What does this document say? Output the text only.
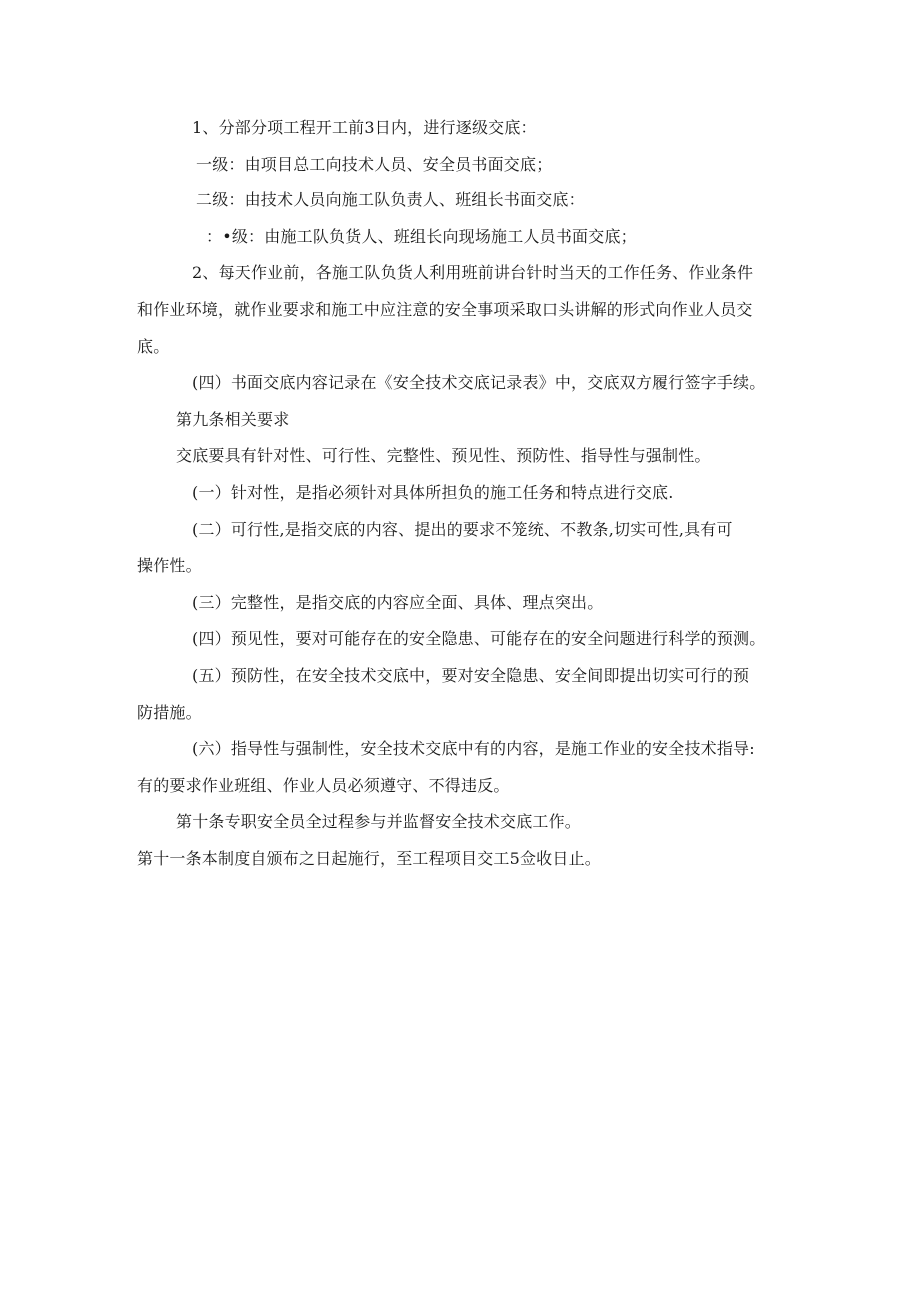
1、分部分项工程开工前3日内，进行逐级交底：
一级：由项目总工向技术人员、安全员书面交底；
二级：由技术人员向施工队负责人、班组长书面交底：
：•级：由施工队负货人、班组长向现场施工人员书面交底；
2、每天作业前，各施工队负货人利用班前讲台针时当天的工作任务、作业条件
和作业环境，就作业要求和施工中应注意的安全事项采取口头讲解的形式向作业人员交
底。
(四）书面交底内容记录在《安全技术交底记录表》中，交底双方履行签字手续。
第九条相关要求
交底要具有针对性、可行性、完整性、预见性、预防性、指导性与强制性。
(一）针对性，是指必须针对具体所担负的施工任务和特点进行交底.
(二）可行性,是指交底的内容、提出的要求不笼统、不教条,切实可性,具有可
操作性。
(三）完整性，是指交底的内容应全面、具体、理点突出。
(四）预见性，要对可能存在的安全隐患、可能存在的安全问题进行科学的预测。
(五）预防性，在安全技术交底中，要对安全隐患、安全间即提出切实可行的预
防措施。
(六）指导性与强制性，安全技术交底中有的内容，是施工作业的安全技术指导:
有的要求作业班组、作业人员必须遵守、不得违反。
第十条专职安全员全过程参与并监督安全技术交底工作。
第十一条本制度自颁布之日起施行，至工程项目交工5佥收日止。
